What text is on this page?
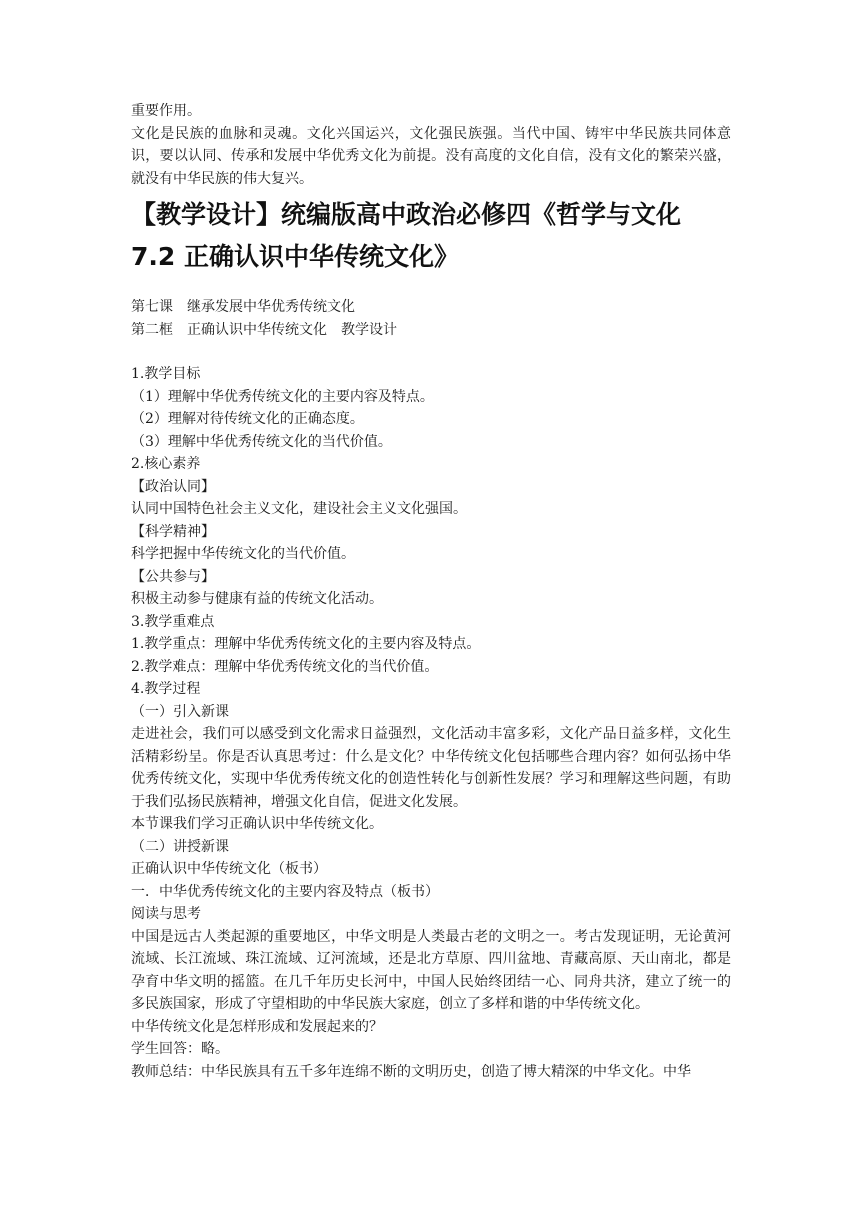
重要作用。

文化是民族的血脉和灵魂。文化兴国运兴，文化强民族强。当代中国、铸牢中华民族共同体意识，要以认同、传承和发展中华优秀文化为前提。没有高度的文化自信，没有文化的繁荣兴盛，就没有中华民族的伟大复兴。

【教学设计】统编版高中政治必修四《哲学与文化 7.2 正确认识中华传统文化》

第七课　继承发展中华优秀传统文化

第二框　正确认识中华传统文化　教学设计

1.教学目标

（1）理解中华优秀传统文化的主要内容及特点。

（2）理解对待传统文化的正确态度。

（3）理解中华优秀传统文化的当代价值。

2.核心素养

【政治认同】

认同中国特色社会主义文化，建设社会主义文化强国。

【科学精神】

科学把握中华传统文化的当代价值。

【公共参与】

积极主动参与健康有益的传统文化活动。

3.教学重难点

1.教学重点：理解中华优秀传统文化的主要内容及特点。

2.教学难点：理解中华优秀传统文化的当代价值。

4.教学过程

（一）引入新课

走进社会，我们可以感受到文化需求日益强烈，文化活动丰富多彩，文化产品日益多样，文化生活精彩纷呈。你是否认真思考过：什么是文化？中华传统文化包括哪些合理内容？如何弘扬中华优秀传统文化，实现中华优秀传统文化的创造性转化与创新性发展？学习和理解这些问题，有助于我们弘扬民族精神，增强文化自信，促进文化发展。

本节课我们学习正确认识中华传统文化。

（二）讲授新课

正确认识中华传统文化（板书）

一．中华优秀传统文化的主要内容及特点（板书）

阅读与思考

中国是远古人类起源的重要地区，中华文明是人类最古老的文明之一。考古发现证明，无论黄河流域、长江流域、珠江流域、辽河流域，还是北方草原、四川盆地、青藏高原、天山南北，都是孕育中华文明的摇篮。在几千年历史长河中，中国人民始终团结一心、同舟共济，建立了统一的多民族国家，形成了守望相助的中华民族大家庭，创立了多样和谐的中华传统文化。

中华传统文化是怎样形成和发展起来的？

学生回答：略。

教师总结：中华民族具有五千多年连绵不断的文明历史，创造了博大精深的中华文化。中华
